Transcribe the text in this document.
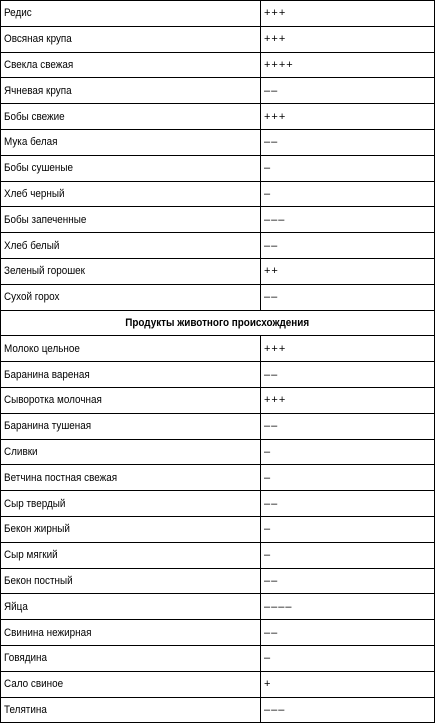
Редис	+++
Овсяная крупа	+++
Свекла свежая	++++
Ячневая крупа	––
Бобы свежие	+++
Мука белая	––
Бобы сушеные	–
Хлеб черный	–
Бобы запеченные	–––
Хлеб белый	––
Зеленый горошек	++
Сухой горох	––
Продукты животного происхождения	
Молоко цельное	+++
Баранина вареная	––
Сыворотка молочная	+++
Баранина тушеная	––
Сливки	–
Ветчина постная свежая	–
Сыр твердый	––
Бекон жирный	–
Сыр мягкий	–
Бекон постный	––
Яйца	––––
Свинина нежирная	––
Говядина	–
Сало свиное	+
Телятина	–––
